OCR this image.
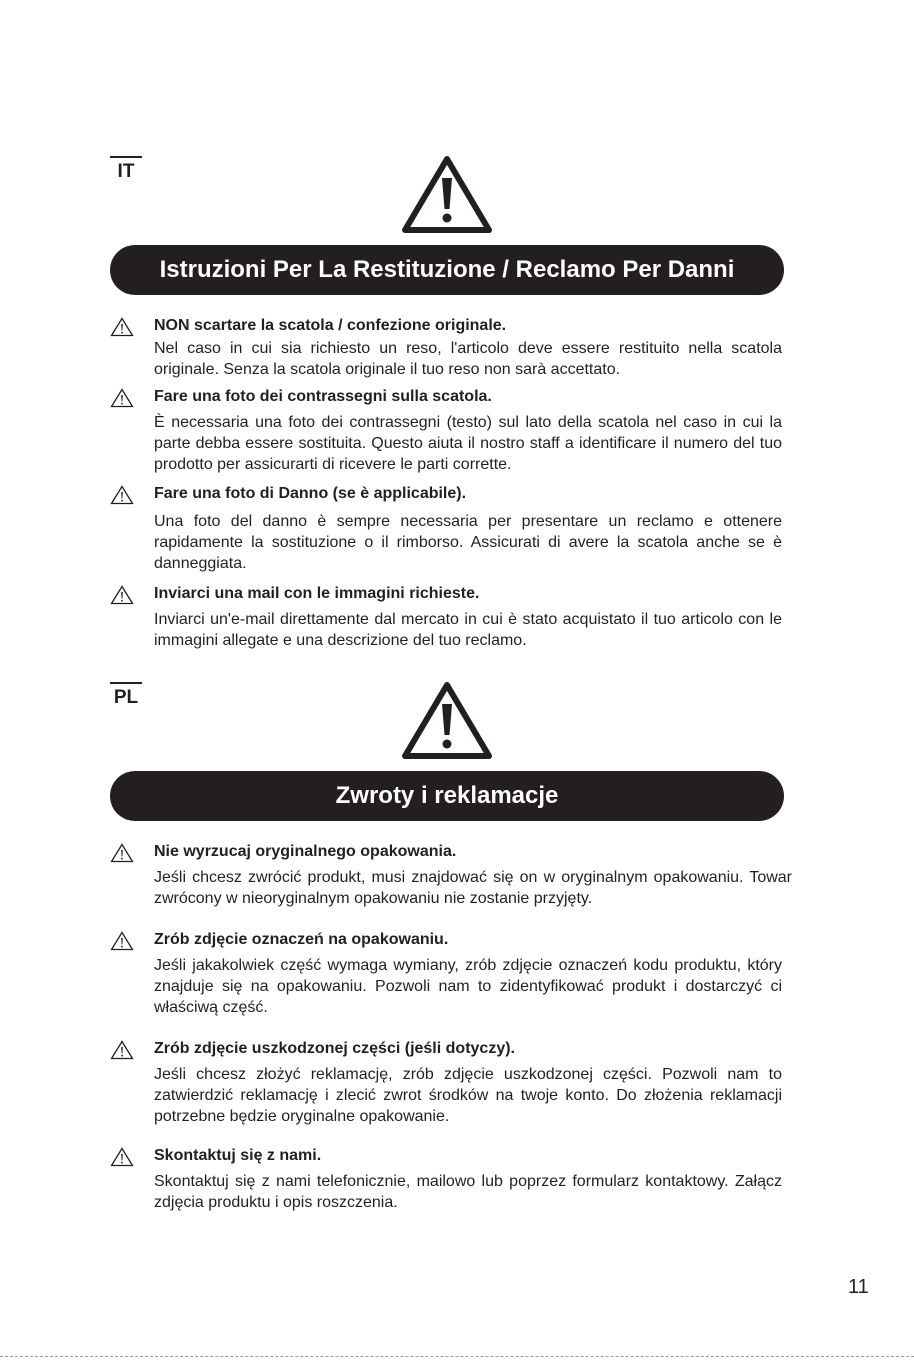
IT
Istruzioni Per La Restituzione / Reclamo Per Danni
NON scartare la scatola / confezione originale.
Nel caso in cui sia richiesto un reso, l'articolo deve essere restituito nella scatola originale. Senza la scatola originale il tuo reso non sarà accettato.
Fare una foto dei contrassegni sulla scatola.
È necessaria una foto dei contrassegni (testo) sul lato della scatola nel caso in cui la parte debba essere sostituita. Questo aiuta il nostro staff a identificare il numero del tuo prodotto per assicurarti di ricevere le parti corrette.
Fare una foto di Danno (se è applicabile).
Una foto del danno è sempre necessaria per presentare un reclamo e ottenere rapidamente la sostituzione o il rimborso. Assicurati di avere la scatola anche se è danneggiata.
Inviarci una mail con le immagini richieste.
Inviarci un'e-mail direttamente dal mercato in cui è stato acquistato il tuo articolo con le immagini allegate e una descrizione del tuo reclamo.
PL
Zwroty i reklamacje
Nie wyrzucaj oryginalnego opakowania.
Jeśli chcesz zwrócić produkt, musi znajdować się on w oryginalnym opakowaniu. Towar zwrócony w nieoryginalnym opakowaniu nie zostanie przyjęty.
Zrób zdjęcie oznaczeń na opakowaniu.
Jeśli jakakolwiek część wymaga wymiany, zrób zdjęcie oznaczeń kodu produktu, który znajduje się na opakowaniu. Pozwoli nam to zidentyfikować produkt i dostarczyć ci właściwą część.
Zrób zdjęcie uszkodzonej części (jeśli dotyczy).
Jeśli chcesz złożyć reklamację, zrób zdjęcie uszkodzonej części. Pozwoli nam to zatwierdzić reklamację i zlecić zwrot środków na twoje konto. Do złożenia reklamacji potrzebne będzie oryginalne opakowanie.
Skontaktuj się z nami.
Skontaktuj się z nami telefonicznie, mailowo lub poprzez formularz kontaktowy. Załącz zdjęcia produktu i opis roszczenia.
11
